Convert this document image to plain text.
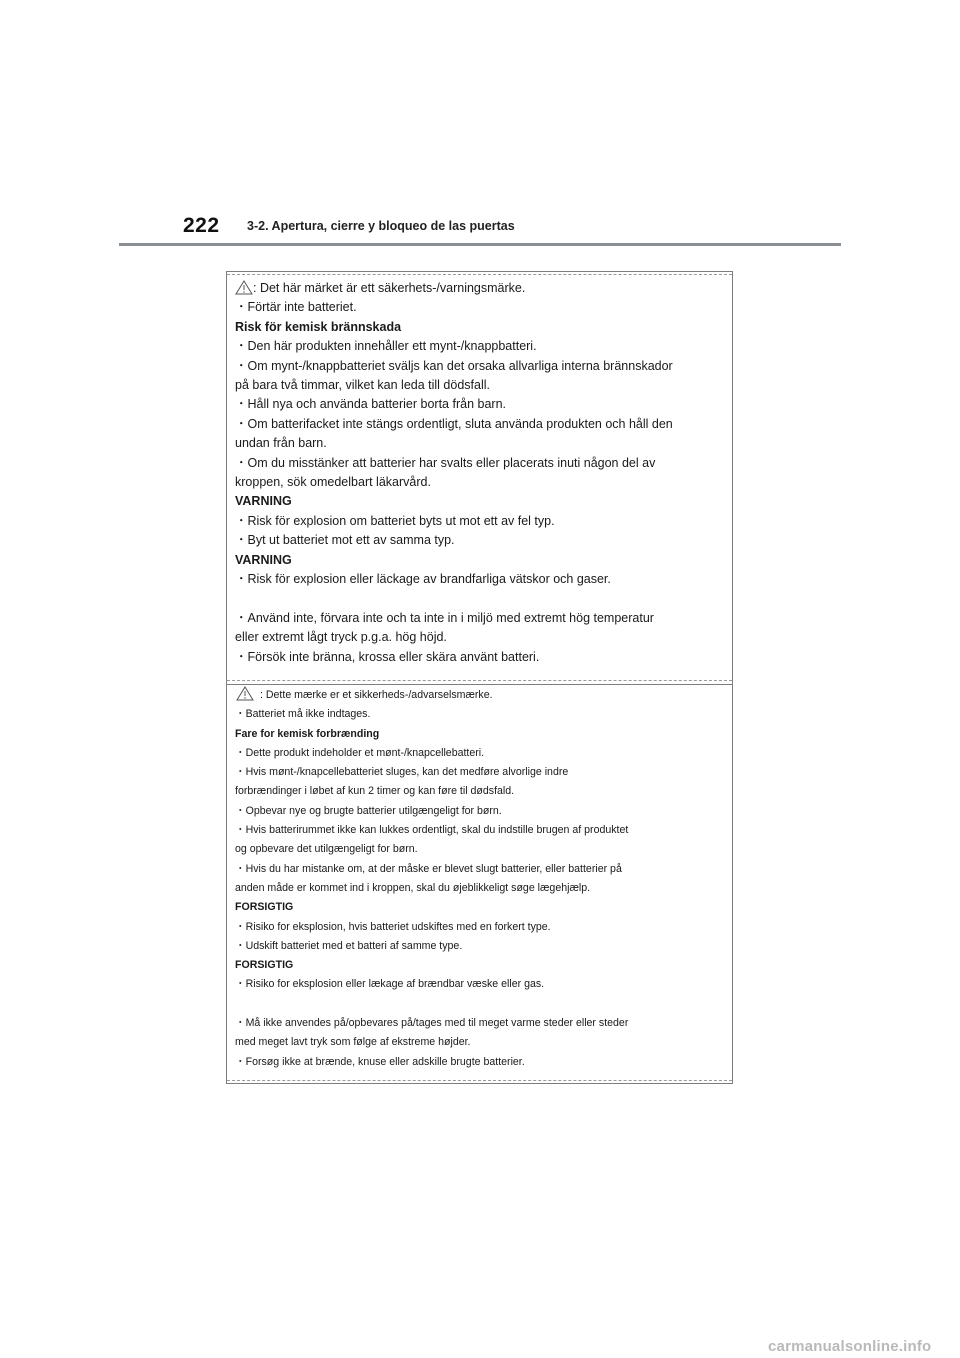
222 3-2. Apertura, cierre y bloqueo de las puertas
: Det här märket är ett säkerhets-/varningsmärke.
・Förtär inte batteriet.
Risk för kemisk brännskada
・Den här produkten innehåller ett mynt-/knappbatteri.
・Om mynt-/knappbatteriet sväljs kan det orsaka allvarliga interna brännskador
på bara två timmar, vilket kan leda till dödsfall.
・Håll nya och använda batterier borta från barn.
・Om batterifacket inte stängs ordentligt, sluta använda produkten och håll den
undan från barn.
・Om du misstänker att batterier har svalts eller placerats inuti någon del av
kroppen, sök omedelbart läkarvård.
VARNING
・Risk för explosion om batteriet byts ut mot ett av fel typ.
・Byt ut batteriet mot ett av samma typ.
VARNING
・Risk för explosion eller läckage av brandfarliga vätskor och gaser.
・Använd inte, förvara inte och ta inte in i miljö med extremt hög temperatur
eller extremt lågt tryck p.g.a. hög höjd.
・Försök inte bränna, krossa eller skära använt batteri.
: Dette mærke er et sikkerheds-/advarselsmærke.
・Batteriet må ikke indtages.
Fare for kemisk forbrænding
・Dette produkt indeholder et mønt-/knapcellebatteri.
・Hvis mønt-/knapcellebatteriet sluges, kan det medføre alvorlige indre
forbrændinger i løbet af kun 2 timer og kan føre til dødsfald.
・Opbevar nye og brugte batterier utilgængeligt for børn.
・Hvis batterirummet ikke kan lukkes ordentligt, skal du indstille brugen af produktet
og opbevare det utilgængeligt for børn.
・Hvis du har mistanke om, at der måske er blevet slugt batterier, eller batterier på
anden måde er kommet ind i kroppen, skal du øjeblikkeligt søge lægehjælp.
FORSIGTIG
・Risiko for eksplosion, hvis batteriet udskiftes med en forkert type.
・Udskift batteriet med et batteri af samme type.
FORSIGTIG
・Risiko for eksplosion eller lækage af brændbar væske eller gas.
・Må ikke anvendes på/opbevares på/tages med til meget varme steder eller steder
med meget lavt tryk som følge af ekstreme højder.
・Forsøg ikke at brænde, knuse eller adskille brugte batterier.
carmanualsonline.info
